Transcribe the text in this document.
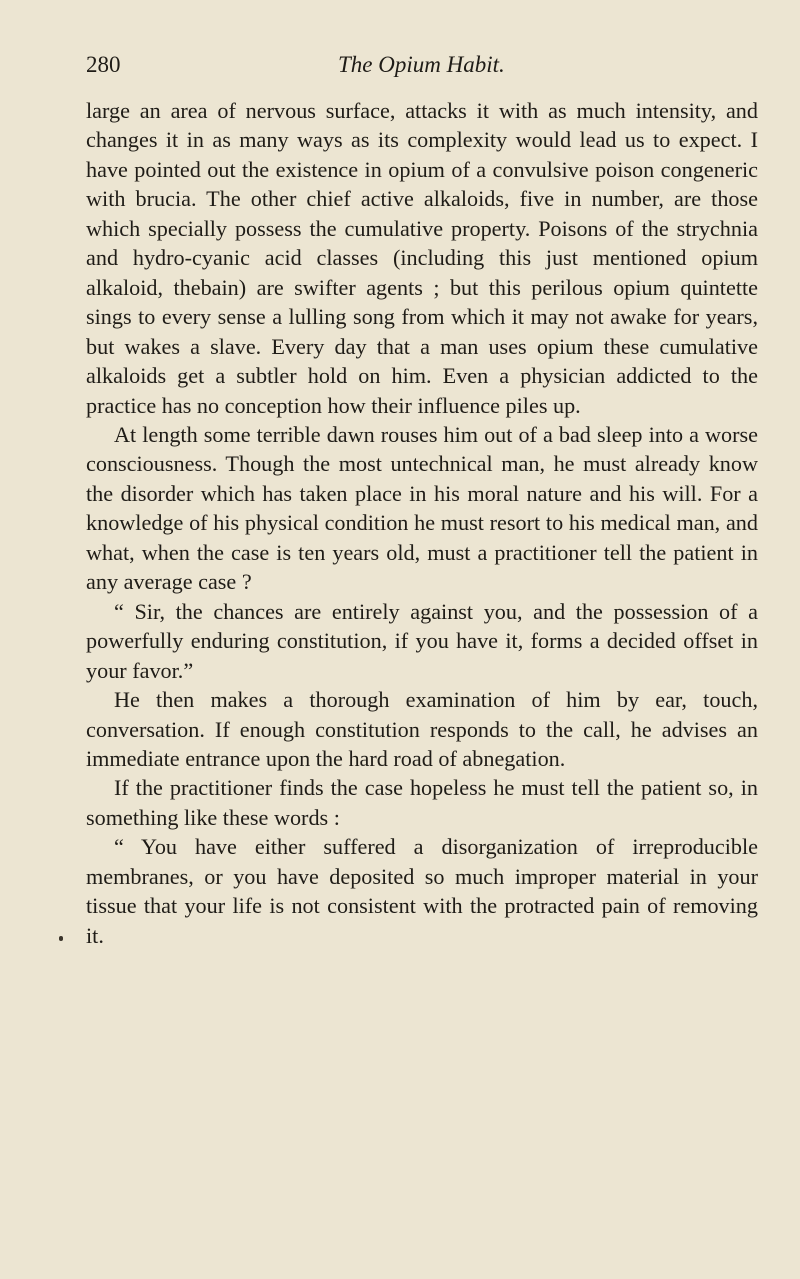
280	The Opium Habit.

large an area of nervous surface, attacks it with as much intensity, and changes it in as many ways as its complexity would lead us to expect. I have pointed out the existence in opium of a convulsive poison congeneric with brucia. The other chief active alkaloids, five in number, are those which specially possess the cumulative property. Poisons of the strychnia and hydro-cyanic acid classes (including this just mentioned opium alkaloid, thebain) are swifter agents ; but this perilous opium quintette sings to every sense a lulling song from which it may not awake for years, but wakes a slave. Every day that a man uses opium these cumulative alkaloids get a subtler hold on him. Even a physician addicted to the practice has no conception how their influence piles up.

At length some terrible dawn rouses him out of a bad sleep into a worse consciousness. Though the most untechnical man, he must already know the disorder which has taken place in his moral nature and his will. For a knowledge of his physical condition he must resort to his medical man, and what, when the case is ten years old, must a practitioner tell the patient in any average case ?

“ Sir, the chances are entirely against you, and the possession of a powerfully enduring constitution, if you have it, forms a decided offset in your favor.”

He then makes a thorough examination of him by ear, touch, conversation. If enough constitution responds to the call, he advises an immediate entrance upon the hard road of abnegation.

If the practitioner finds the case hopeless he must tell the patient so, in something like these words :

“ You have either suffered a disorganization of irreproducible membranes, or you have deposited so much improper material in your tissue that your life is not consistent with the protracted pain of removing it.
